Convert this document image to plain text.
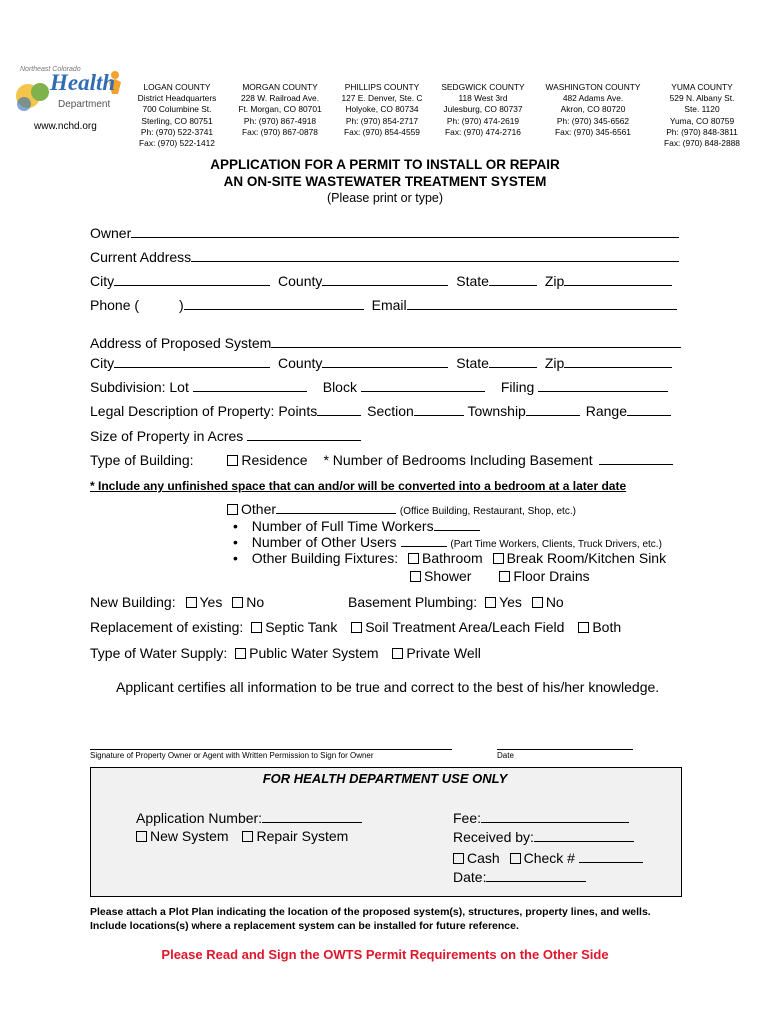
Northeast Colorado
Health
Department
www.nchd.org
LOGAN COUNTY
District Headquarters
700 Columbine St.
Sterling, CO 80751
Ph: (970) 522-3741
Fax: (970) 522-1412
MORGAN COUNTY
228 W. Railroad Ave.
Ft. Morgan, CO 80701
Ph: (970) 867-4918
Fax: (970) 867-0878
PHILLIPS COUNTY
127 E. Denver, Ste. C
Holyoke, CO 80734
Ph: (970) 854-2717
Fax: (970) 854-4559
SEDGWICK COUNTY
118 West 3rd
Julesburg, CO 80737
Ph: (970) 474-2619
Fax: (970) 474-2716
WASHINGTON COUNTY
482 Adams Ave.
Akron, CO 80720
Ph: (970) 345-6562
Fax: (970) 345-6561
YUMA COUNTY
529 N. Albany St.
Ste. 1120
Yuma, CO 80759
Ph: (970) 848-3811
Fax: (970) 848-2888
APPLICATION FOR A PERMIT TO INSTALL OR REPAIR
AN ON-SITE WASTEWATER TREATMENT SYSTEM
(Please print or type)
Owner
Current Address
City	County	State	Zip
Phone (	)	Email
Address of Proposed System
City	County	State	Zip
Subdivision: Lot	Block	Filing
Legal Description of Property: Points	Section	Township	Range
Size of Property in Acres
Type of Building:	Residence * Number of Bedrooms Including Basement
* Include any unfinished space that can and/or will be converted into a bedroom at a later date
Other	(Office Building, Restaurant, Shop, etc.)
• Number of Full Time Workers
• Number of Other Users	(Part Time Workers, Clients, Truck Drivers, etc.)
• Other Building Fixtures: Bathroom Break Room/Kitchen Sink
Shower	Floor Drains
New Building: Yes No	Basement Plumbing: Yes No
Replacement of existing: Septic Tank Soil Treatment Area/Leach Field Both
Type of Water Supply: Public Water System Private Well
Applicant certifies all information to be true and correct to the best of his/her knowledge.
Signature of Property Owner or Agent with Written Permission to Sign for Owner	Date
FOR HEALTH DEPARTMENT USE ONLY
Application Number:
New System Repair System
Fee:
Received by:
Cash Check #
Date:
Please attach a Plot Plan indicating the location of the proposed system(s), structures, property lines, and wells. Include locations(s) where a replacement system can be installed for future reference.
Please Read and Sign the OWTS Permit Requirements on the Other Side
